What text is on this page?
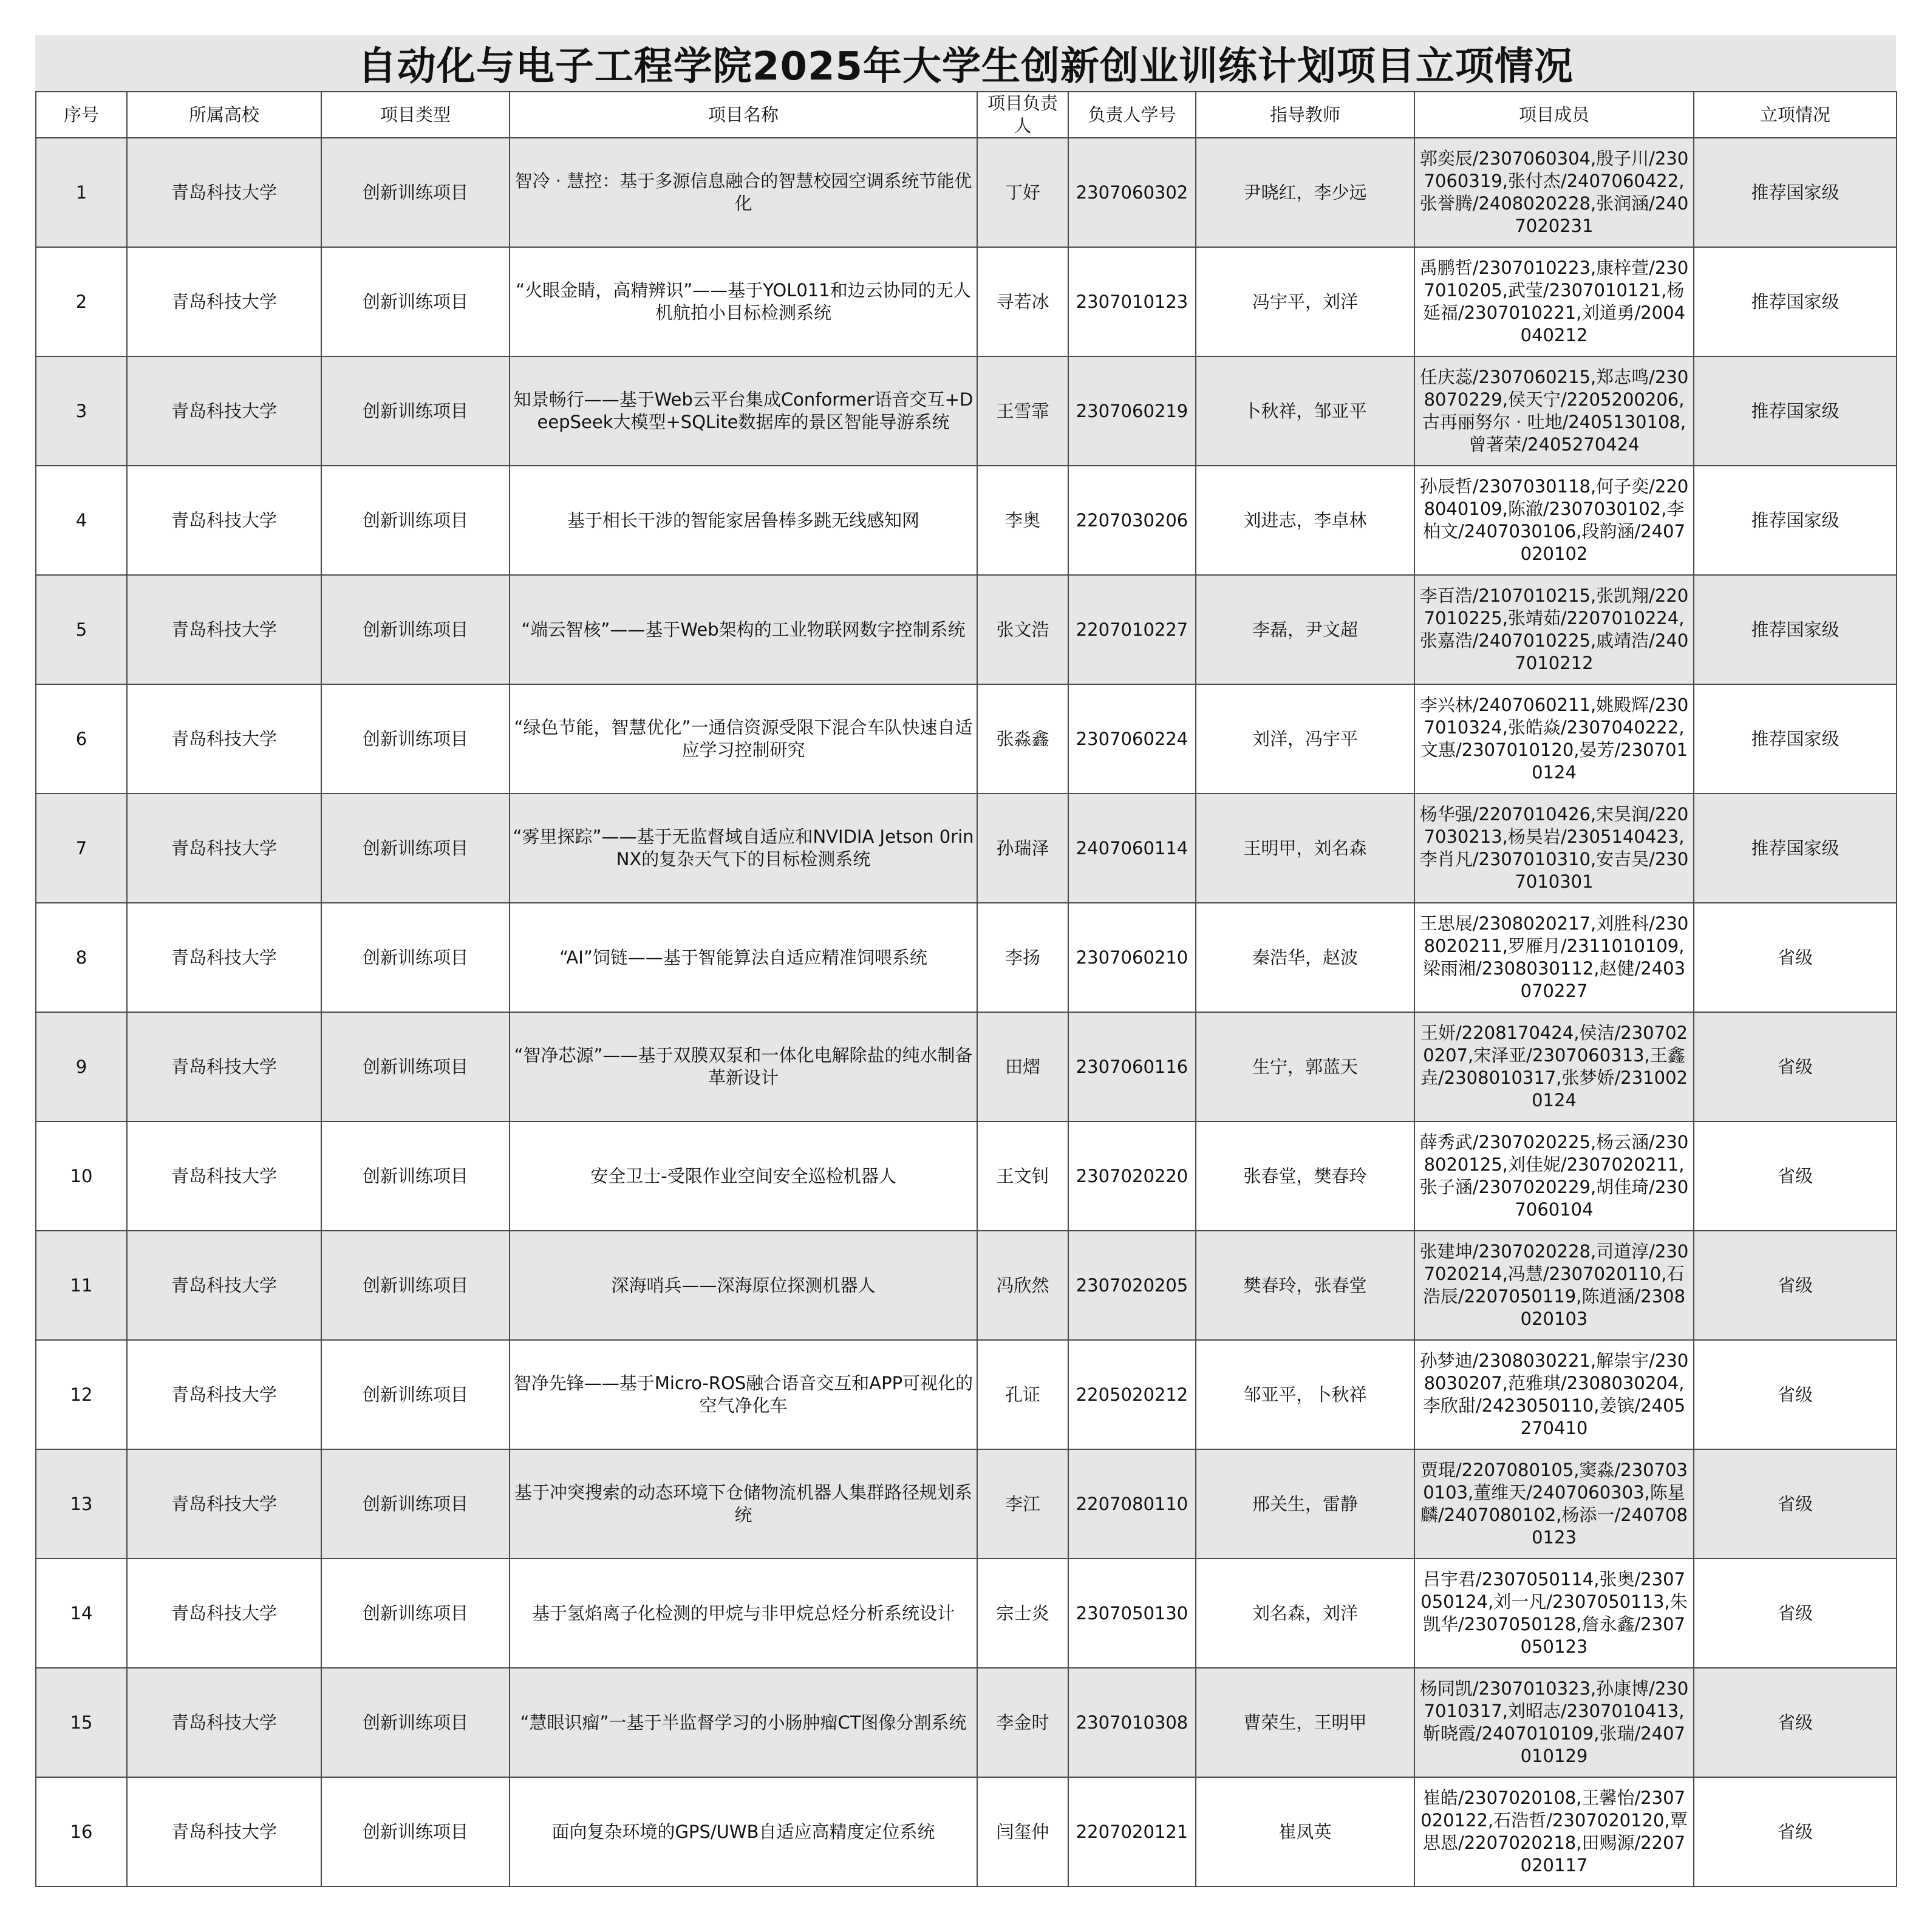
自动化与电子工程学院2025年大学生创新创业训练计划项目立项情况
序号	所属高校	项目类型	项目名称	项目负责人	负责人学号	指导教师	项目成员	立项情况
1	青岛科技大学	创新训练项目	智冷 · 慧控：基于多源信息融合的智慧校园空调系统节能优化	丁好	2307060302	尹晓红，李少远	郭奕辰/2307060304,殷子川/2307060319,张付杰/2407060422,张誉腾/2408020228,张润涵/2407020231	推荐国家级
2	青岛科技大学	创新训练项目	“火眼金睛，高精辨识”——基于YOL011和边云协同的无人机航拍小目标检测系统	寻若冰	2307010123	冯宇平，刘洋	禹鹏哲/2307010223,康梓萱/2307010205,武莹/2307010121,杨延福/2307010221,刘道勇/2004040212	推荐国家级
3	青岛科技大学	创新训练项目	知景畅行——基于Web云平台集成Conformer语音交互+DeepSeek大模型+SQLite数据库的景区智能导游系统	王雪霏	2307060219	卜秋祥，邹亚平	任庆蕊/2307060215,郑志鸣/2308070229,侯天宁/2205200206,古再丽努尔 · 吐地/2405130108,曾著荣/2405270424	推荐国家级
4	青岛科技大学	创新训练项目	基于相长干涉的智能家居鲁棒多跳无线感知网	李奥	2207030206	刘进志，李卓林	孙辰哲/2307030118,何子奕/2208040109,陈澈/2307030102,李柏文/2407030106,段韵涵/2407020102	推荐国家级
5	青岛科技大学	创新训练项目	“端云智核”——基于Web架构的工业物联网数字控制系统	张文浩	2207010227	李磊，尹文超	李百浩/2107010215,张凯翔/2207010225,张靖茹/2207010224,张嘉浩/2407010225,戚靖浩/2407010212	推荐国家级
6	青岛科技大学	创新训练项目	“绿色节能，智慧优化”一通信资源受限下混合车队快速自适应学习控制研究	张淼鑫	2307060224	刘洋，冯宇平	李兴林/2407060211,姚殿辉/2307010324,张皓焱/2307040222,文惠/2307010120,晏芳/2307010124	推荐国家级
7	青岛科技大学	创新训练项目	“雾里探踪”——基于无监督域自适应和NVIDIA Jetson 0rin NX的复杂天气下的目标检测系统	孙瑞泽	2407060114	王明甲，刘名森	杨华强/2207010426,宋昊润/2207030213,杨昊岩/2305140423,李肖凡/2307010310,安吉昊/2307010301	推荐国家级
8	青岛科技大学	创新训练项目	“AI”饲链——基于智能算法自适应精准饲喂系统	李扬	2307060210	秦浩华，赵波	王思展/2308020217,刘胜科/2308020211,罗雁月/2311010109,梁雨湘/2308030112,赵健/2403070227	省级
9	青岛科技大学	创新训练项目	“智净芯源”——基于双膜双泵和一体化电解除盐的纯水制备革新设计	田熠	2307060116	生宁，郭蓝天	王妍/2208170424,侯洁/2307020207,宋泽亚/2307060313,王鑫垚/2308010317,张梦娇/2310020124	省级
10	青岛科技大学	创新训练项目	安全卫士-受限作业空间安全巡检机器人	王文钊	2307020220	张春堂，樊春玲	薛秀武/2307020225,杨云涵/2308020125,刘佳妮/2307020211,张子涵/2307020229,胡佳琦/2307060104	省级
11	青岛科技大学	创新训练项目	深海哨兵——深海原位探测机器人	冯欣然	2307020205	樊春玲，张春堂	张建坤/2307020228,司道淳/2307020214,冯慧/2307020110,石浩辰/2207050119,陈逍涵/2308020103	省级
12	青岛科技大学	创新训练项目	智净先锋——基于Micro-ROS融合语音交互和APP可视化的空气净化车	孔证	2205020212	邹亚平，卜秋祥	孙梦迪/2308030221,解崇宇/2308030207,范雅琪/2308030204,李欣甜/2423050110,姜镔/2405270410	省级
13	青岛科技大学	创新训练项目	基于冲突搜索的动态环境下仓储物流机器人集群路径规划系统	李江	2207080110	邢关生，雷静	贾琨/2207080105,窦淼/2307030103,董维天/2407060303,陈星麟/2407080102,杨添一/2407080123	省级
14	青岛科技大学	创新训练项目	基于氢焰离子化检测的甲烷与非甲烷总烃分析系统设计	宗士炎	2307050130	刘名森，刘洋	吕宇君/2307050114,张奥/2307050124,刘一凡/2307050113,朱凯华/2307050128,詹永鑫/2307050123	省级
15	青岛科技大学	创新训练项目	“慧眼识瘤”一基于半监督学习的小肠肿瘤CT图像分割系统	李金时	2307010308	曹荣生，王明甲	杨同凯/2307010323,孙康博/2307010317,刘昭志/2307010413,靳晓霞/2407010109,张瑞/2407010129	省级
16	青岛科技大学	创新训练项目	面向复杂环境的GPS/UWB自适应高精度定位系统	闫玺仲	2207020121	崔凤英	崔皓/2307020108,王馨怡/2307020122,石浩哲/2307020120,覃思恩/2207020218,田赐源/2207020117	省级
